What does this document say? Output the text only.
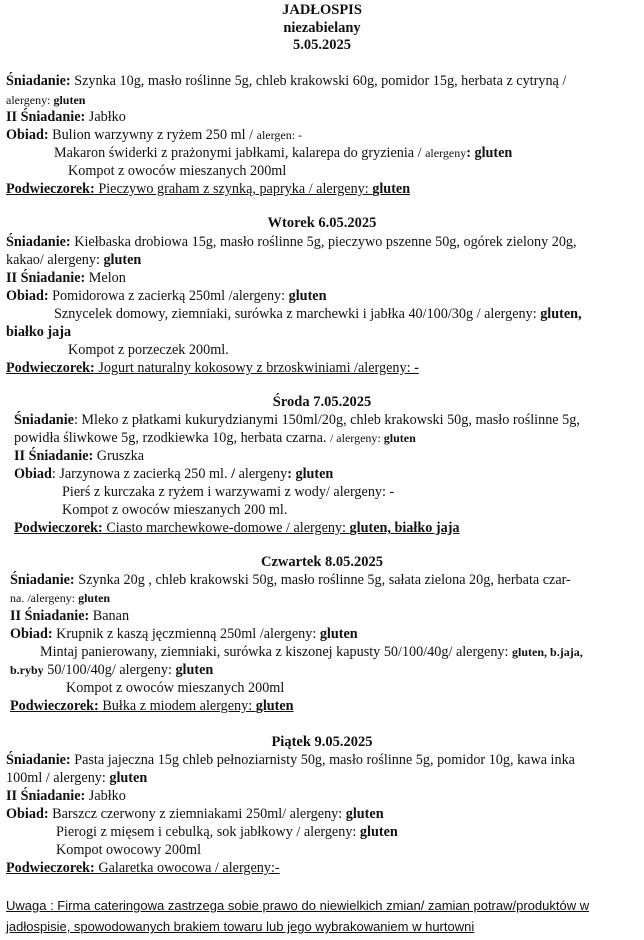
JADŁOSPIS
niezabielany
5.05.2025
Śniadanie: Szynka 10g, masło roślinne 5g, chleb krakowski 60g, pomidor 15g, herbata z cytryną /
alergeny: gluten
II Śniadanie: Jabłko
Obiad: Bulion warzywny z ryżem 250 ml / alergen: -
Makaron świderki z prażonymi jabłkami, kalarepa do gryzienia / alergeny: gluten
Kompot z owoców mieszanych 200ml
Podwieczorek: Pieczywo graham z szynką, papryka / alergeny: gluten
Wtorek 6.05.2025
Śniadanie: Kiełbaska drobiowa 15g, masło roślinne 5g, pieczywo pszenne 50g, ogórek zielony 20g,
kakao/ alergeny: gluten
II Śniadanie: Melon
Obiad: Pomidorowa z zacierką 250ml /alergeny: gluten
Sznycelek domowy, ziemniaki, surówka z marchewki i jabłka 40/100/30g / alergeny: gluten,
białko jaja
Kompot z porzeczek 200ml.
Podwieczorek: Jogurt naturalny kokosowy z brzoskwiniami /alergeny: -
Środa 7.05.2025
Śniadanie: Mleko z płatkami kukurydzianymi 150ml/20g, chleb krakowski 50g, masło roślinne 5g,
powidła śliwkowe 5g, rzodkiewka 10g, herbata czarna. / alergeny: gluten
II Śniadanie: Gruszka
Obiad: Jarzynowa z zacierką 250 ml. / alergeny: gluten
Pierś z kurczaka z ryżem i warzywami z wody/ alergeny: -
Kompot z owoców mieszanych 200 ml.
Podwieczorek: Ciasto marchewkowe-domowe / alergeny: gluten, białko jaja
Czwartek 8.05.2025
Śniadanie: Szynka 20g , chleb krakowski 50g, masło roślinne 5g, sałata zielona 20g, herbata czar-
na. /alergeny: gluten
II Śniadanie: Banan
Obiad: Krupnik z kaszą jęczmienną 250ml /alergeny: gluten
Mintaj panierowany, ziemniaki, surówka z kiszonej kapusty 50/100/40g/ alergeny: gluten, b.jaja,
b.ryby 50/100/40g/ alergeny: gluten
Kompot z owoców mieszanych 200ml
Podwieczorek: Bułka z miodem alergeny: gluten
Piątek 9.05.2025
Śniadanie: Pasta jajeczna 15g chleb pełnoziarnisty 50g, masło roślinne 5g, pomidor 10g, kawa inka
100ml / alergeny: gluten
II Śniadanie: Jabłko
Obiad: Barszcz czerwony z ziemniakami 250ml/ alergeny: gluten
Pierogi z mięsem i cebulką, sok jabłkowy / alergeny: gluten
Kompot owocowy 200ml
Podwieczorek: Galaretka owocowa / alergeny:-
Uwaga : Firma cateringowa zastrzega sobie prawo do niewielkich zmian/ zamian potraw/produktów w
jadłospisie, spowodowanych brakiem towaru lub jego wybrakowaniem w hurtowni
